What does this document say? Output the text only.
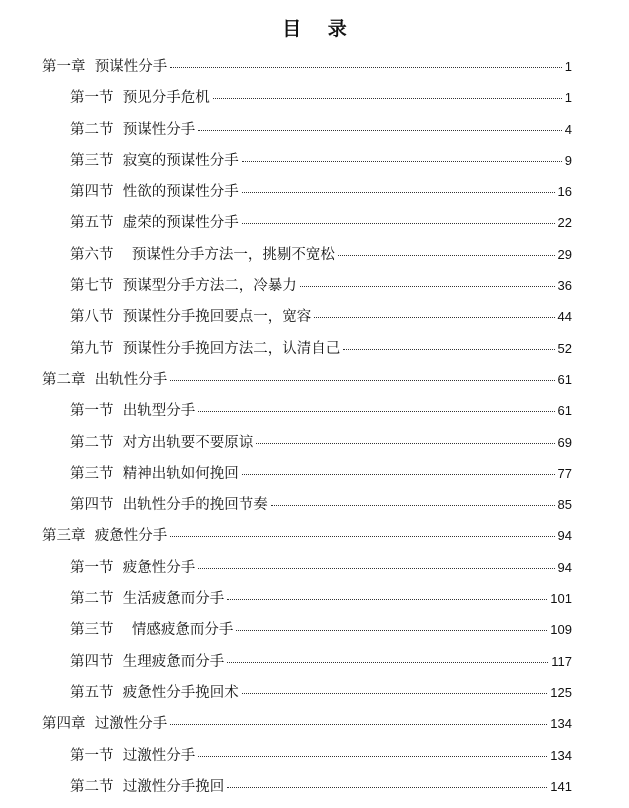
目 录
第一章  预谋性分手	1
第一节  预见分手危机	1
第二节  预谋性分手	4
第三节  寂寞的预谋性分手	9
第四节  性欲的预谋性分手	16
第五节  虚荣的预谋性分手	22
第六节    预谋性分手方法一，挑剔不宽松	29
第七节  预谋型分手方法二，冷暴力	36
第八节  预谋性分手挽回要点一，宽容	44
第九节  预谋性分手挽回方法二，认清自己	52
第二章  出轨性分手	61
第一节  出轨型分手	61
第二节  对方出轨要不要原谅	69
第三节  精神出轨如何挽回	77
第四节  出轨性分手的挽回节奏	85
第三章  疲惫性分手	94
第一节  疲惫性分手	94
第二节  生活疲惫而分手	101
第三节    情感疲惫而分手	109
第四节  生理疲惫而分手	117
第五节  疲惫性分手挽回术	125
第四章  过激性分手	134
第一节  过激性分手	134
第二节  过激性分手挽回	141
